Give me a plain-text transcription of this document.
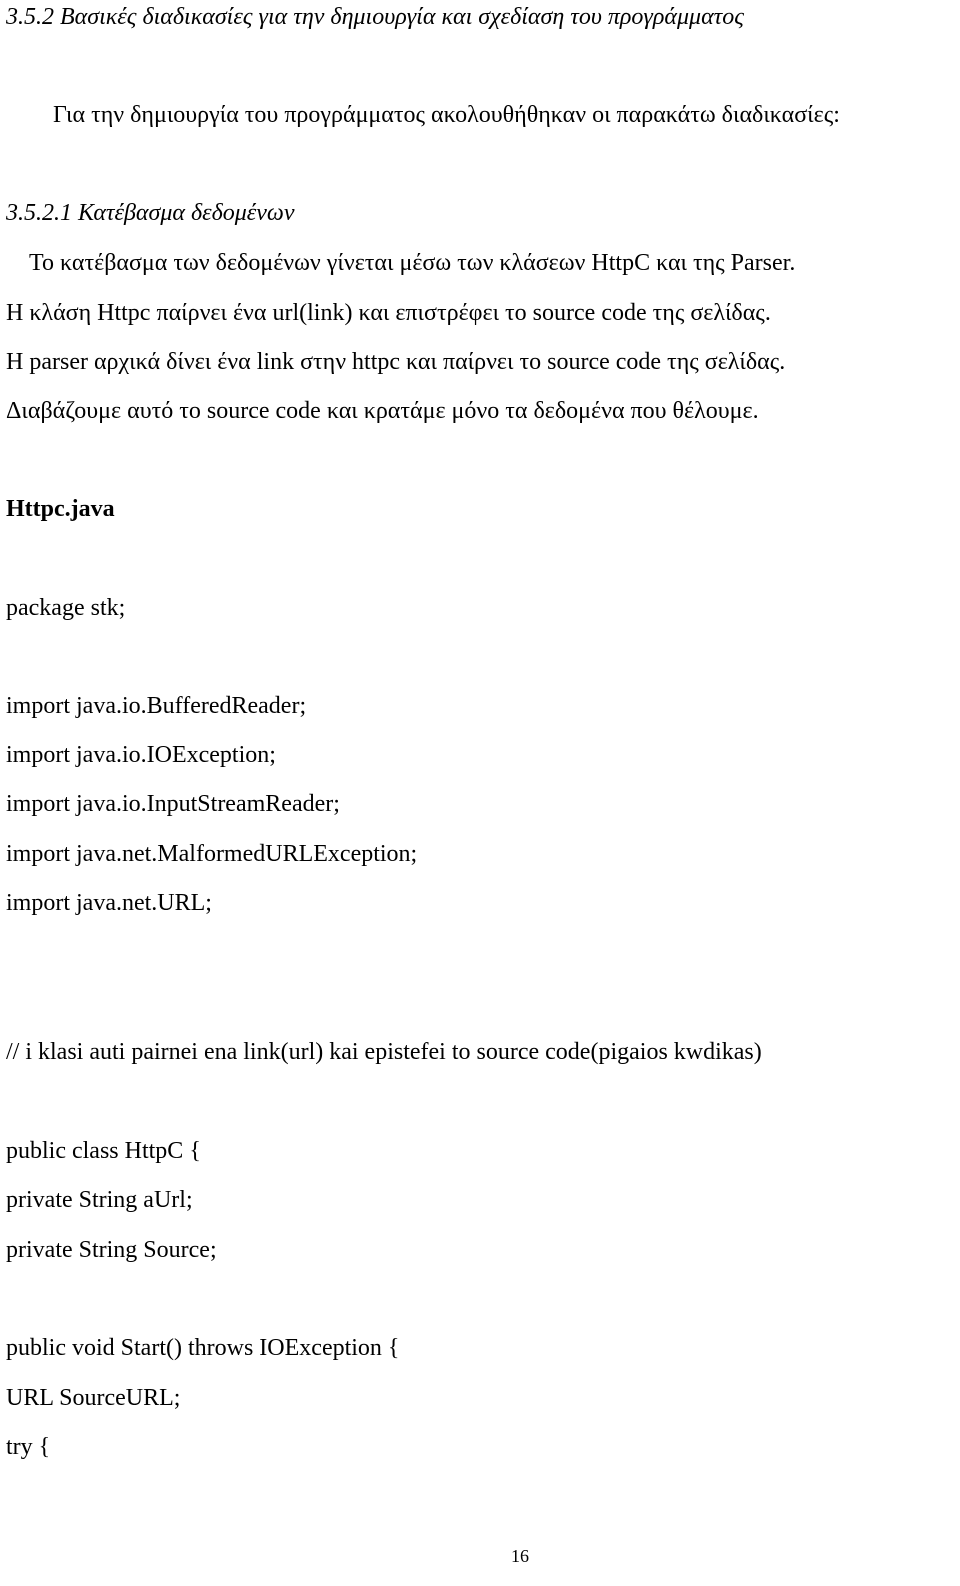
3.5.2 Βασικές διαδικασίες για την δημιουργία και σχεδίαση του προγράμματος

Για την δημιουργία του προγράμματος ακολουθήθηκαν οι παρακάτω διαδικασίες:

3.5.2.1 Κατέβασμα δεδομένων

Το κατέβασμα των δεδομένων γίνεται μέσω των κλάσεων HttpC και της Parser.

H κλάση Httpc παίρνει ένα url(link) και επιστρέφει το source code της σελίδας.

H parser αρχικά δίνει ένα link στην httpc και παίρνει το source code της σελίδας.

Διαβάζουμε αυτό το source code και κρατάμε μόνο τα δεδομένα που θέλουμε.

Httpc.java

package stk;

import java.io.BufferedReader;

import java.io.IOException;

import java.io.InputStreamReader;

import java.net.MalformedURLException;

import java.net.URL;

// i klasi auti pairnei ena link(url) kai epistefei to source code(pigaios kwdikas)

public class HttpC {

private String aUrl;

private String Source;

public void Start() throws IOException {

URL SourceURL;

try {

16
